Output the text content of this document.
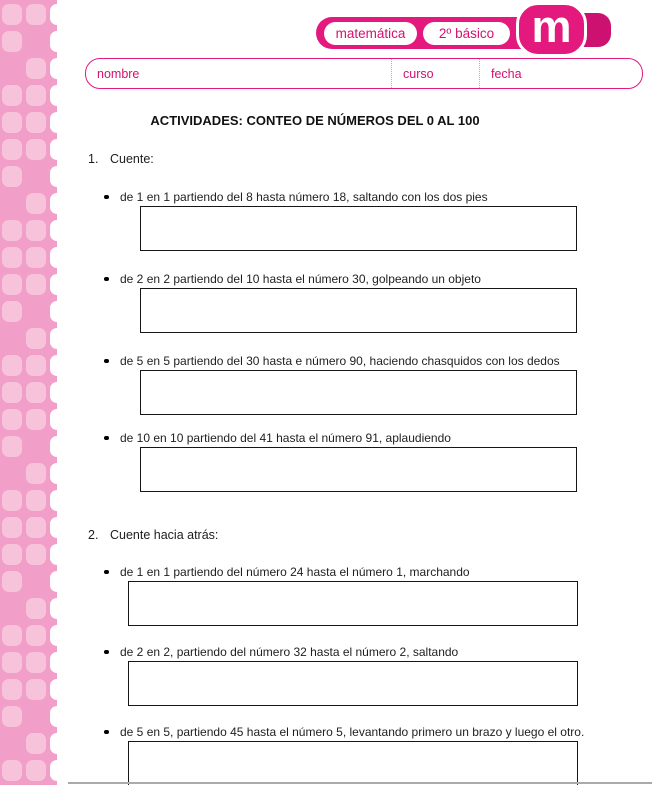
matemática 2º básico m
nombre	curso	fecha
ACTIVIDADES: CONTEO DE NÚMEROS DEL 0 AL 100
1. Cuente:
de 1 en 1 partiendo del 8 hasta número 18, saltando con los dos pies
de 2 en 2 partiendo del 10 hasta el número 30, golpeando un objeto
de 5 en 5 partiendo del 30 hasta e número 90, haciendo chasquidos con los dedos
de 10 en 10 partiendo del 41 hasta el número 91, aplaudiendo
2. Cuente hacia atrás:
de 1 en 1 partiendo del número 24 hasta el número 1, marchando
de 2 en 2, partiendo del número 32 hasta el número 2, saltando
de 5 en 5, partiendo 45 hasta el número 5, levantando primero un brazo y luego el otro.
